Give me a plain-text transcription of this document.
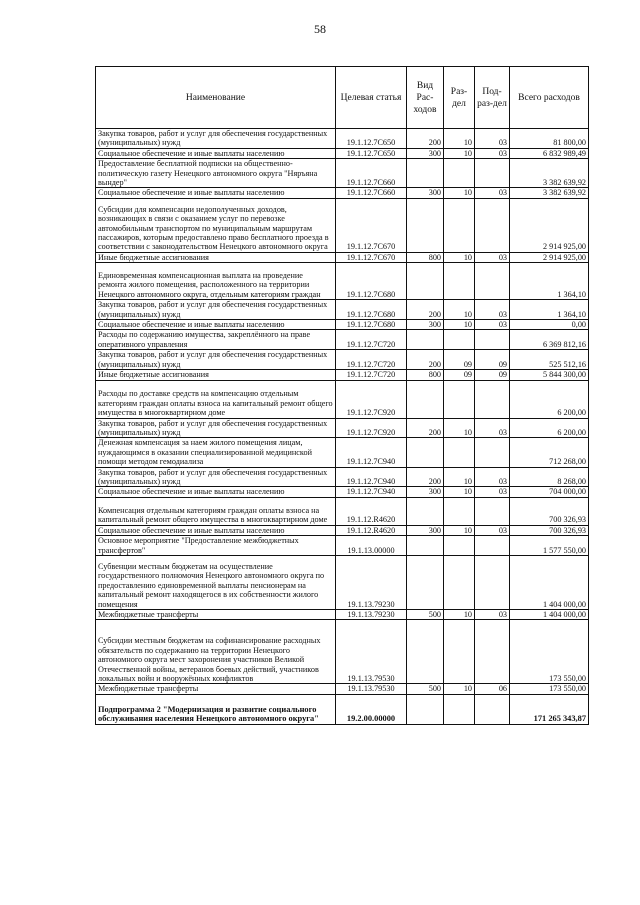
58
Наименование	Целевая статья	Вид Рас-ходов	Раз-дел	Под-раз-дел	Всего расходов
Закупка товаров, работ и услуг для обеспечения государственных (муниципальных) нужд	19.1.12.7С650	200	10	03	81 800,00
Социальное обеспечение и иные выплаты населению	19.1.12.7С650	300	10	03	6 832 989,49
Предоставление бесплатной подписки на общественно-политическую газету Ненецкого автономного округа "Няръяна вындер"	19.1.12.7С660				3 382 639,92
Социальное обеспечение и иные выплаты населению	19.1.12.7С660	300	10	03	3 382 639,92
Субсидии для компенсации недополученных доходов, возникающих в связи с оказанием услуг по перевозке автомобильным транспортом по муниципальным маршрутам пассажиров, которым предоставлено право бесплатного проезда в соответствии с законодательством Ненецкого автономного округа	19.1.12.7С670				2 914 925,00
Иные бюджетные ассигнования	19.1.12.7С670	800	10	03	2 914 925,00
Единовременная компенсационная выплата на проведение ремонта жилого помещения, расположенного на территории Ненецкого автономного округа, отдельным категориям граждан	19.1.12.7С680				1 364,10
Закупка товаров, работ и услуг для обеспечения государственных (муниципальных) нужд	19.1.12.7С680	200	10	03	1 364,10
Социальное обеспечение и иные выплаты населению	19.1.12.7С680	300	10	03	0,00
Расходы по содержанию имущества, закреплённого на праве оперативного управления	19.1.12.7С720				6 369 812,16
Закупка товаров, работ и услуг для обеспечения государственных (муниципальных) нужд	19.1.12.7С720	200	09	09	525 512,16
Иные бюджетные ассигнования	19.1.12.7С720	800	09	09	5 844 300,00
Расходы по доставке средств на компенсацию отдельным категориям граждан оплаты взноса на капитальный ремонт общего имущества в многоквартирном доме	19.1.12.7С920				6 200,00
Закупка товаров, работ и услуг для обеспечения государственных (муниципальных) нужд	19.1.12.7С920	200	10	03	6 200,00
Денежная компенсация за наем жилого помещения лицам, нуждающимся в оказании специализированной медицинской помощи методом гемодиализа	19.1.12.7С940				712 268,00
Закупка товаров, работ и услуг для обеспечения государственных (муниципальных) нужд	19.1.12.7С940	200	10	03	8 268,00
Социальное обеспечение и иные выплаты населению	19.1.12.7С940	300	10	03	704 000,00
Компенсация отдельным категориям граждан оплаты взноса на капитальный ремонт общего имущества в многоквартирном доме	19.1.12.R4620				700 326,93
Социальное обеспечение и иные выплаты населению	19.1.12.R4620	300	10	03	700 326,93
Основное мероприятие "Предоставление межбюджетных трансфертов"	19.1.13.00000				1 577 550,00
Субвенции местным бюджетам на осуществление государственного полномочия Ненецкого автономного округа по предоставлению единовременной выплаты пенсионерам на капитальный ремонт находящегося в их собственности жилого помещения	19.1.13.79230				1 404 000,00
Межбюджетные трансферты	19.1.13.79230	500	10	03	1 404 000,00
Субсидии местным бюджетам на софинансирование расходных обязательств по содержанию на территории Ненецкого автономного округа мест захоронения участников Великой Отечественной войны, ветеранов боевых действий, участников локальных войн и вооружённых конфликтов	19.1.13.79530				173 550,00
Межбюджетные трансферты	19.1.13.79530	500	10	06	173 550,00
Подпрограмма 2 "Модернизация и развитие социального обслуживания населения Ненецкого автономного округа"	19.2.00.00000				171 265 343,87
